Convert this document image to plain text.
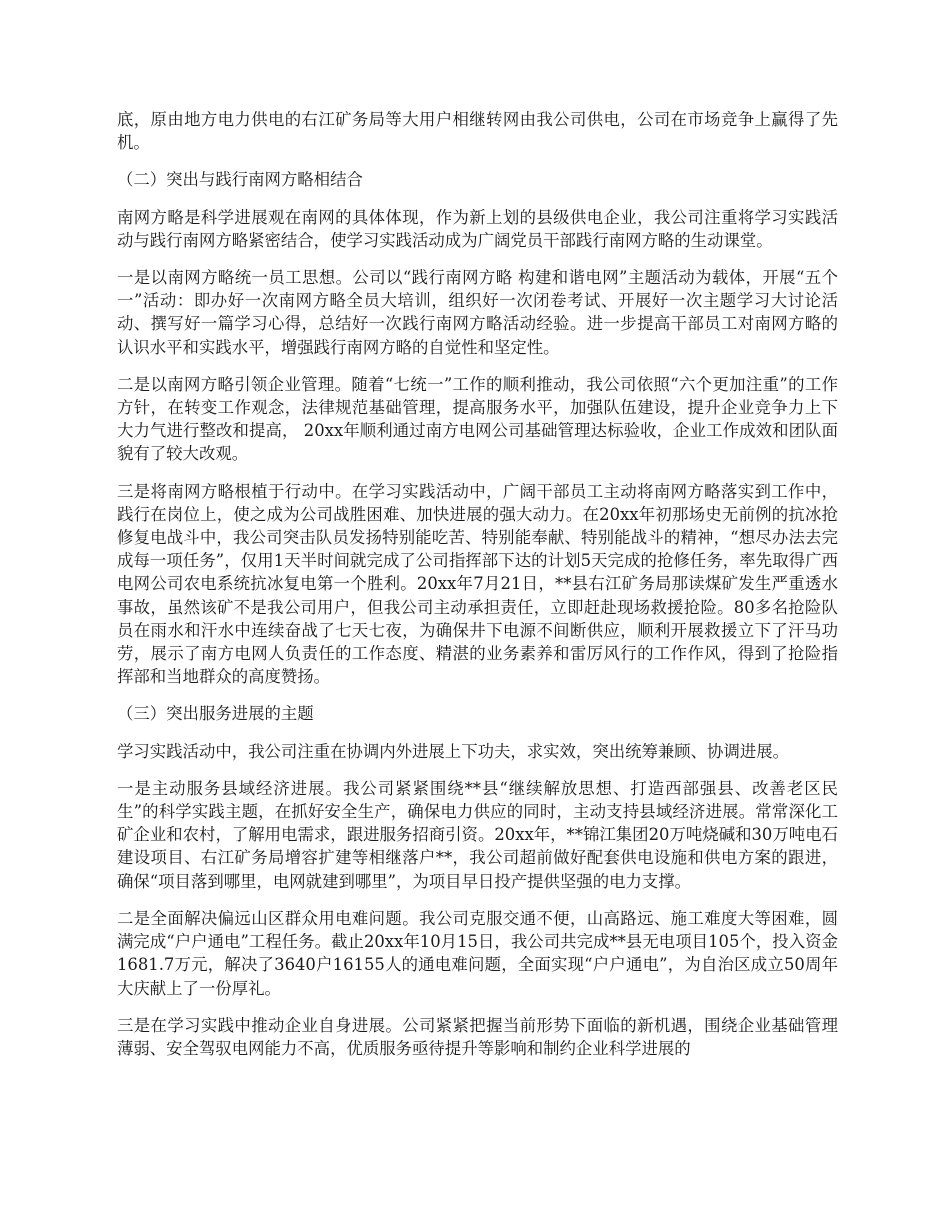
底，原由地方电力供电的右江矿务局等大用户相继转网由我公司供电，公司在市场竞争上赢得了先机。

（二）突出与践行南网方略相结合

南网方略是科学进展观在南网的具体体现，作为新上划的县级供电企业，我公司注重将学习实践活动与践行南网方略紧密结合，使学习实践活动成为广阔党员干部践行南网方略的生动课堂。

一是以南网方略统一员工思想。公司以“践行南网方略 构建和谐电网”主题活动为载体，开展“五个一”活动：即办好一次南网方略全员大培训，组织好一次闭卷考试、开展好一次主题学习大讨论活动、撰写好一篇学习心得，总结好一次践行南网方略活动经验。进一步提高干部员工对南网方略的认识水平和实践水平，增强践行南网方略的自觉性和坚定性。

二是以南网方略引领企业管理。随着“七统一”工作的顺利推动，我公司依照“六个更加注重”的工作方针，在转变工作观念，法律规范基础管理，提高服务水平，加强队伍建设，提升企业竞争力上下大力气进行整改和提高， 20xx年顺利通过南方电网公司基础管理达标验收，企业工作成效和团队面貌有了较大改观。

三是将南网方略根植于行动中。在学习实践活动中，广阔干部员工主动将南网方略落实到工作中，践行在岗位上，使之成为公司战胜困难、加快进展的强大动力。在20xx年初那场史无前例的抗冰抢修复电战斗中，我公司突击队员发扬特别能吃苦、特别能奉献、特别能战斗的精神，“想尽办法去完成每一项任务”，仅用1天半时间就完成了公司指挥部下达的计划5天完成的抢修任务，率先取得广西电网公司农电系统抗冰复电第一个胜利。20xx年7月21日，**县右江矿务局那读煤矿发生严重透水事故，虽然该矿不是我公司用户，但我公司主动承担责任，立即赶赴现场救援抢险。80多名抢险队员在雨水和汗水中连续奋战了七天七夜，为确保井下电源不间断供应，顺利开展救援立下了汗马功劳，展示了南方电网人负责任的工作态度、精湛的业务素养和雷厉风行的工作作风，得到了抢险指挥部和当地群众的高度赞扬。

（三）突出服务进展的主题

学习实践活动中，我公司注重在协调内外进展上下功夫，求实效，突出统筹兼顾、协调进展。

一是主动服务县域经济进展。我公司紧紧围绕**县“继续解放思想、打造西部强县、改善老区民生”的科学实践主题，在抓好安全生产，确保电力供应的同时，主动支持县域经济进展。常常深化工矿企业和农村，了解用电需求，跟进服务招商引资。20xx年，**锦江集团20万吨烧碱和30万吨电石建设项目、右江矿务局增容扩建等相继落户**，我公司超前做好配套供电设施和供电方案的跟进，确保“项目落到哪里，电网就建到哪里”，为项目早日投产提供坚强的电力支撑。

二是全面解决偏远山区群众用电难问题。我公司克服交通不便，山高路远、施工难度大等困难，圆满完成“户户通电”工程任务。截止20xx年10月15日，我公司共完成**县无电项目105个，投入资金1681.7万元，解决了3640户16155人的通电难问题，全面实现“户户通电”，为自治区成立50周年大庆献上了一份厚礼。

三是在学习实践中推动企业自身进展。公司紧紧把握当前形势下面临的新机遇，围绕企业基础管理薄弱、安全驾驭电网能力不高，优质服务亟待提升等影响和制约企业科学进展的
